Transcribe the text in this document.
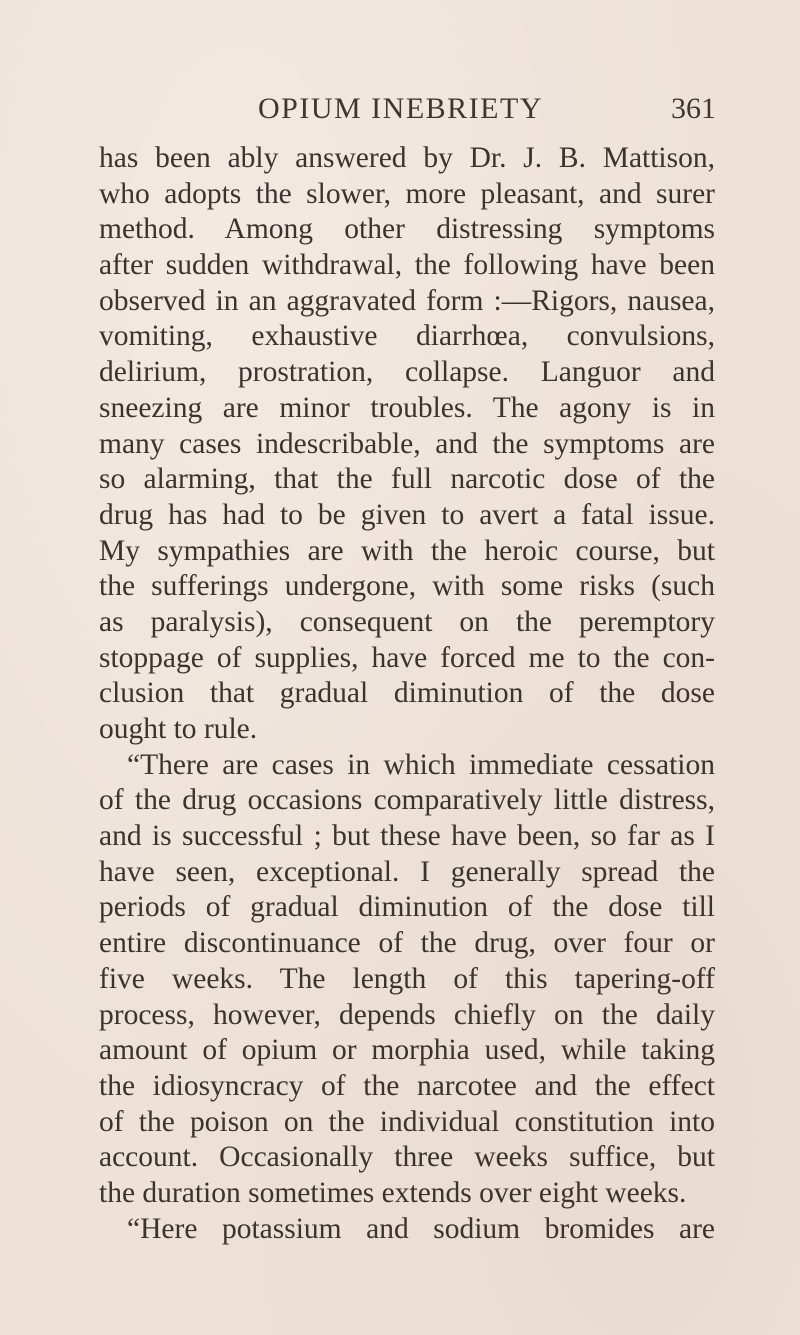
OPIUM INEBRIETY	361
has been ably answered by Dr. J. B. Mattison,
who adopts the slower, more pleasant, and surer
method. Among other distressing symptoms
after sudden withdrawal, the following have been
observed in an aggravated form :—Rigors, nausea,
vomiting, exhaustive diarrhœa, convulsions,
delirium, prostration, collapse. Languor and
sneezing are minor troubles. The agony is in
many cases indescribable, and the symptoms are
so alarming, that the full narcotic dose of the
drug has had to be given to avert a fatal issue.
My sympathies are with the heroic course, but
the sufferings undergone, with some risks (such
as paralysis), consequent on the peremptory
stoppage of supplies, have forced me to the con-
clusion that gradual diminution of the dose
ought to rule.
“There are cases in which immediate cessation
of the drug occasions comparatively little distress,
and is successful ; but these have been, so far as I
have seen, exceptional. I generally spread the
periods of gradual diminution of the dose till
entire discontinuance of the drug, over four or
five weeks. The length of this tapering-off
process, however, depends chiefly on the daily
amount of opium or morphia used, while taking
the idiosyncracy of the narcotee and the effect
of the poison on the individual constitution into
account. Occasionally three weeks suffice, but
the duration sometimes extends over eight weeks.
“Here potassium and sodium bromides are
